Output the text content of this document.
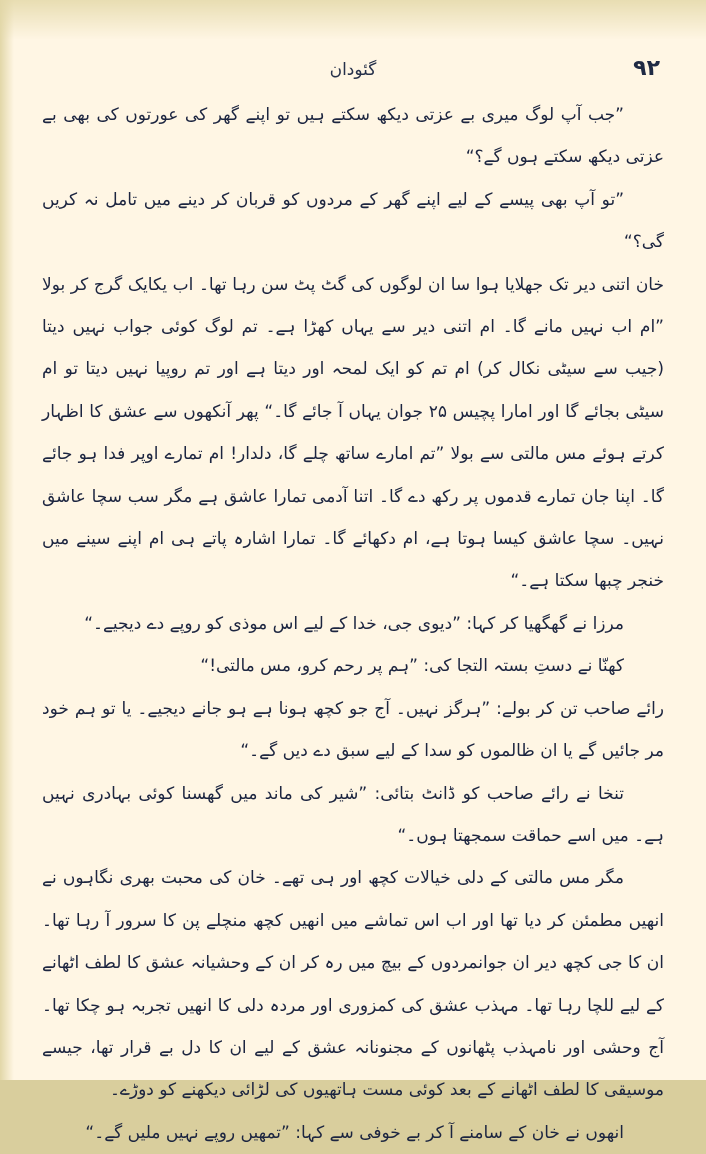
۹۲
گئودان

”جب آپ لوگ میری بے عزتی دیکھ سکتے ہیں تو اپنے گھر کی عورتوں کی بھی بے عزتی دیکھ سکتے ہوں گے؟“

”تو آپ بھی پیسے کے لیے اپنے گھر کے مردوں کو قربان کر دینے میں تامل نہ کریں گی؟“

خان اتنی دیر تک جھلایا ہوا سا ان لوگوں کی گٹ پٹ سن رہا تھا۔ اب یکایک گرج کر بولا ”ام اب نہیں مانے گا۔ ام اتنی دیر سے یہاں کھڑا ہے۔ تم لوگ کوئی جواب نہیں دیتا (جیب سے سیٹی نکال کر) ام تم کو ایک لمحہ اور دیتا ہے اور تم روپیا نہیں دیتا تو ام سیٹی بجائے گا اور امارا پچیس ۲۵ جوان یہاں آ جائے گا۔“ پھر آنکھوں سے عشق کا اظہار کرتے ہوئے مس مالتی سے بولا ”تم امارے ساتھ چلے گا، دلدار! ام تمارے اوپر فدا ہو جائے گا۔ اپنا جان تمارے قدموں پر رکھ دے گا۔ اتنا آدمی تمارا عاشق ہے مگر سب سچا عاشق نہیں۔ سچا عاشق کیسا ہوتا ہے، ام دکھائے گا۔ تمارا اشارہ پاتے ہی ام اپنے سینے میں خنجر چبھا سکتا ہے۔“

مرزا نے گھگھیا کر کہا: ”دیوی جی، خدا کے لیے اس موذی کو روپے دے دیجیے۔“

کھنّا نے دستِ بستہ التجا کی: ”ہم پر رحم کرو، مس مالتی!“

رائے صاحب تن کر بولے: ”ہرگز نہیں۔ آج جو کچھ ہونا ہے ہو جانے دیجیے۔ یا تو ہم خود مر جائیں گے یا ان ظالموں کو سدا کے لیے سبق دے دیں گے۔“

تنخا نے رائے صاحب کو ڈانٹ بتائی: ”شیر کی ماند میں گھسنا کوئی بہادری نہیں ہے۔ میں اسے حماقت سمجھتا ہوں۔“

مگر مس مالتی کے دلی خیالات کچھ اور ہی تھے۔ خان کی محبت بھری نگاہوں نے انھیں مطمئن کر دیا تھا اور اب اس تماشے میں انھیں کچھ منچلے پن کا سرور آ رہا تھا۔ ان کا جی کچھ دیر ان جوانمردوں کے بیچ میں رہ کر ان کے وحشیانہ عشق کا لطف اٹھانے کے لیے للچا رہا تھا۔ مہذب عشق کی کمزوری اور مردہ دلی کا انھیں تجربہ ہو چکا تھا۔ آج وحشی اور نامہذب پٹھانوں کے مجنونانہ عشق کے لیے ان کا دل بے قرار تھا، جیسے موسیقی کا لطف اٹھانے کے بعد کوئی مست ہاتھیوں کی لڑائی دیکھنے کو دوڑے۔

انھوں نے خان کے سامنے آ کر بے خوفی سے کہا: ”تمھیں روپے نہیں ملیں گے۔“
